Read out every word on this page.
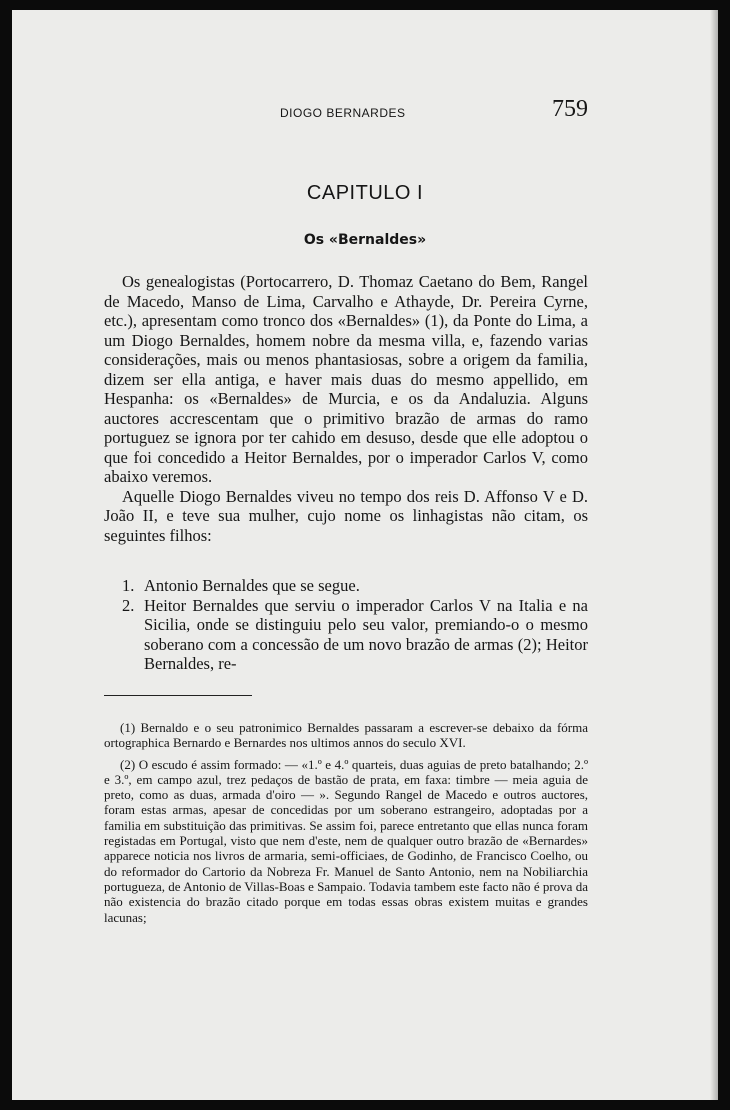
DIOGO BERNARDES	759
CAPITULO I
Os «Bernaldes»

Os genealogistas (Portocarrero, D. Thomaz Caetano do Bem, Rangel de Macedo, Manso de Lima, Carvalho e Athayde, Dr. Pereira Cyrne, etc.), apresentam como tronco dos «Bernaldes» (1), da Ponte do Lima, a um Diogo Bernaldes, homem nobre da mesma villa, e, fazendo varias considerações, mais ou menos phantasiosas, sobre a origem da familia, dizem ser ella antiga, e haver mais duas do mesmo appellido, em Hespanha: os «Bernaldes» de Murcia, e os da Andaluzia. Alguns auctores accrescentam que o primitivo brazão de armas do ramo portuguez se ignora por ter cahido em desuso, desde que elle adoptou o que foi concedido a Heitor Bernaldes, por o imperador Carlos V, como abaixo veremos.

Aquelle Diogo Bernaldes viveu no tempo dos reis D. Affonso V e D. João II, e teve sua mulher, cujo nome os linhagistas não citam, os seguintes filhos:

1. Antonio Bernaldes que se segue.
2. Heitor Bernaldes que serviu o imperador Carlos V na Italia e na Sicilia, onde se distinguiu pelo seu valor, premiando-o o mesmo soberano com a concessão de um novo brazão de armas (2); Heitor Bernaldes, re-

(1) Bernaldo e o seu patronimico Bernaldes passaram a escrever-se debaixo da fórma ortographica Bernardo e Bernardes nos ultimos annos do seculo XVI.

(2) O escudo é assim formado: — «1.º e 4.º quarteis, duas aguias de preto batalhando; 2.º e 3.º, em campo azul, trez pedaços de bastão de prata, em faxa: timbre — meia aguia de preto, como as duas, armada d'oiro — ». Segundo Rangel de Macedo e outros auctores, foram estas armas, apesar de concedidas por um soberano estrangeiro, adoptadas por a familia em substituição das primitivas. Se assim foi, parece entretanto que ellas nunca foram registadas em Portugal, visto que nem d'este, nem de qualquer outro brazão de «Bernardes» apparece noticia nos livros de armaria, semi-officiaes, de Godinho, de Francisco Coelho, ou do reformador do Cartorio da Nobreza Fr. Manuel de Santo Antonio, nem na Nobiliarchia portugueza, de Antonio de Villas-Boas e Sampaio. Todavia tambem este facto não é prova da não existencia do brazão citado porque em todas essas obras existem muitas e grandes lacunas;
